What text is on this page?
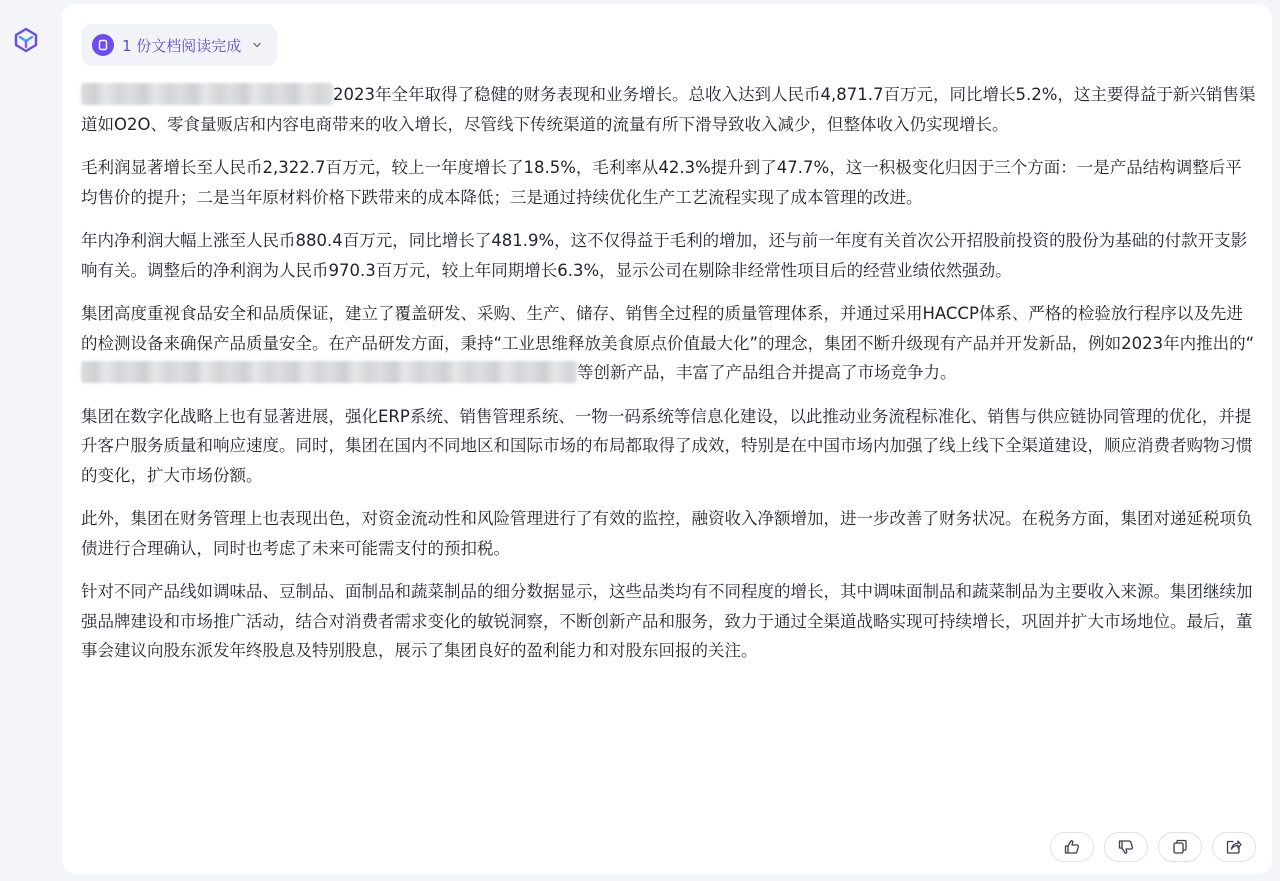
1 份文档阅读完成

2023年全年取得了稳健的财务表现和业务增长。总收入达到人民币4,871.7百万元，同比增长5.2%，这主要得益于新兴销售渠道如O2O、零食量贩店和内容电商带来的收入增长，尽管线下传统渠道的流量有所下滑导致收入减少，但整体收入仍实现增长。

毛利润显著增长至人民币2,322.7百万元，较上一年度增长了18.5%，毛利率从42.3%提升到了47.7%，这一积极变化归因于三个方面：一是产品结构调整后平均售价的提升；二是当年原材料价格下跌带来的成本降低；三是通过持续优化生产工艺流程实现了成本管理的改进。

年内净利润大幅上涨至人民币880.4百万元，同比增长了481.9%，这不仅得益于毛利的增加，还与前一年度有关首次公开招股前投资的股份为基础的付款开支影响有关。调整后的净利润为人民币970.3百万元，较上年同期增长6.3%，显示公司在剔除非经常性项目后的经营业绩依然强劲。

集团高度重视食品安全和品质保证，建立了覆盖研发、采购、生产、储存、销售全过程的质量管理体系，并通过采用HACCP体系、严格的检验放行程序以及先进的检测设备来确保产品质量安全。在产品研发方面，秉持“工业思维释放美食原点价值最大化”的理念，集团不断升级现有产品并开发新品，例如2023年内推出的“等创新产品，丰富了产品组合并提高了市场竞争力。

集团在数字化战略上也有显著进展，强化ERP系统、销售管理系统、一物一码系统等信息化建设，以此推动业务流程标准化、销售与供应链协同管理的优化，并提升客户服务质量和响应速度。同时，集团在国内不同地区和国际市场的布局都取得了成效，特别是在中国市场内加强了线上线下全渠道建设，顺应消费者购物习惯的变化，扩大市场份额。

此外，集团在财务管理上也表现出色，对资金流动性和风险管理进行了有效的监控，融资收入净额增加，进一步改善了财务状况。在税务方面，集团对递延税项负债进行合理确认，同时也考虑了未来可能需支付的预扣税。

针对不同产品线如调味品、豆制品、面制品和蔬菜制品的细分数据显示，这些品类均有不同程度的增长，其中调味面制品和蔬菜制品为主要收入来源。集团继续加强品牌建设和市场推广活动，结合对消费者需求变化的敏锐洞察，不断创新产品和服务，致力于通过全渠道战略实现可持续增长，巩固并扩大市场地位。最后，董事会建议向股东派发年终股息及特别股息，展示了集团良好的盈利能力和对股东回报的关注。
